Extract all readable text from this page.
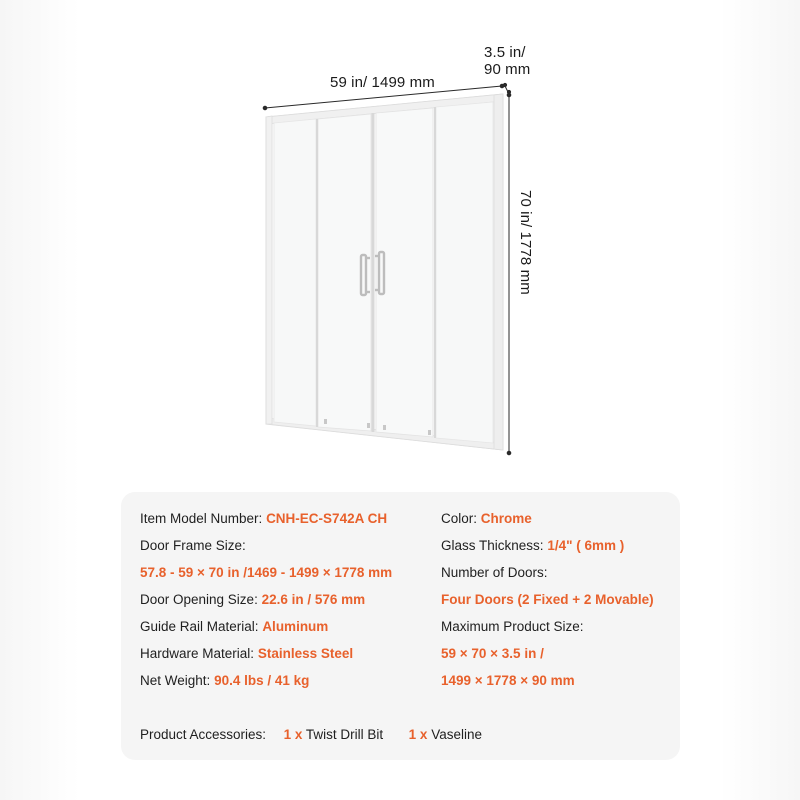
59 in/ 1499 mm
3.5 in/
90 mm
70 in/ 1778 mm
Item Model Number: CNH-EC-S742A CH
Door Frame Size:
57.8 - 59 × 70 in /1469 - 1499 × 1778 mm
Door Opening Size: 22.6 in / 576 mm
Guide Rail Material: Aluminum
Hardware Material: Stainless Steel
Net Weight: 90.4 lbs / 41 kg
Color: Chrome
Glass Thickness: 1/4" ( 6mm )
Number of Doors:
Four Doors (2 Fixed + 2 Movable)
Maximum Product Size:
59 × 70 × 3.5 in /
1499 × 1778 × 90 mm
Product Accessories: 1 x Twist Drill Bit 1 x Vaseline
